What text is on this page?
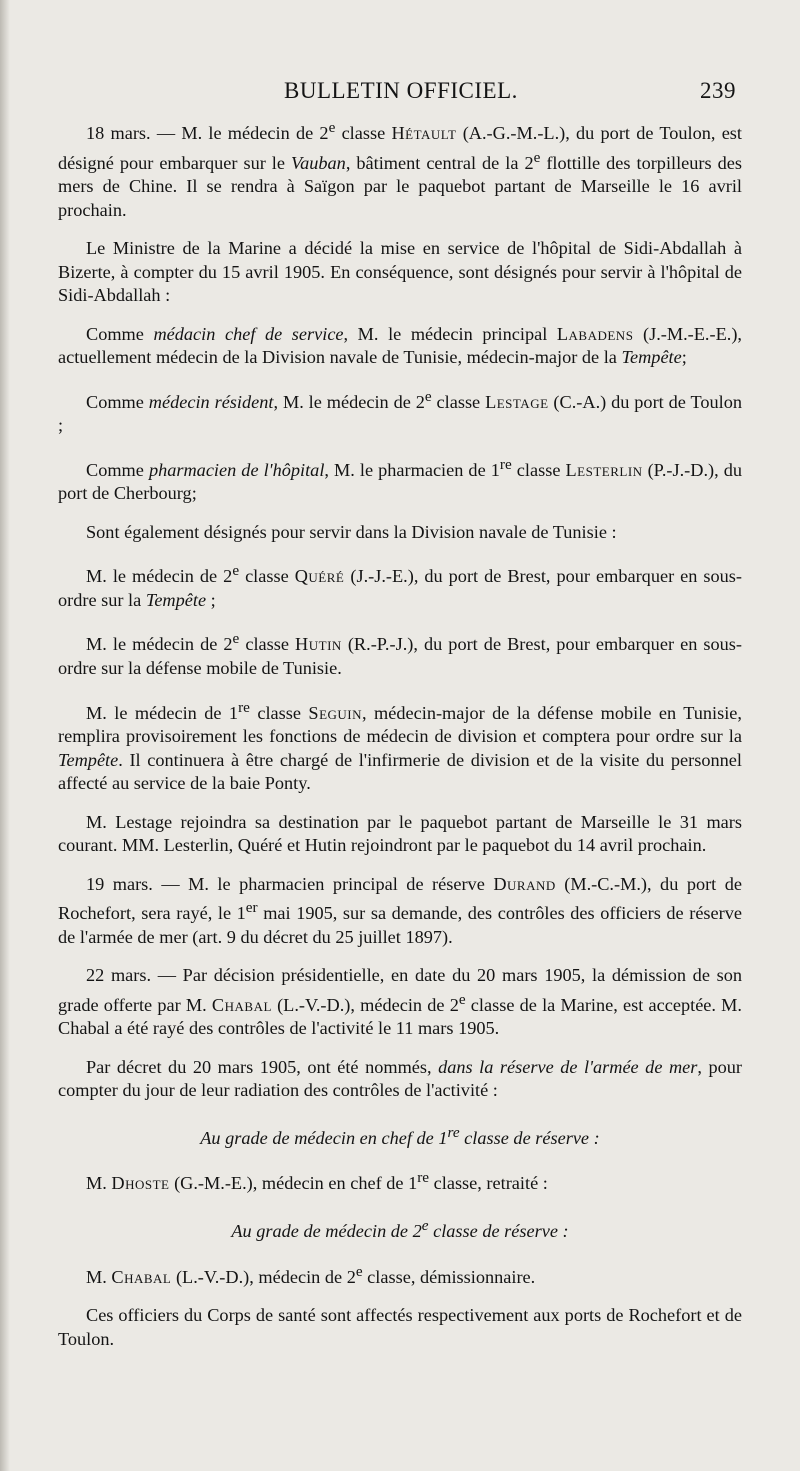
BULLETIN OFFICIEL.	239

18 mars. — M. le médecin de 2e classe Hétault (A.-G.-M.-L.), du port de Toulon, est désigné pour embarquer sur le Vauban, bâtiment central de la 2e flottille des torpilleurs des mers de Chine. Il se rendra à Saïgon par le paquebot partant de Marseille le 16 avril prochain.

Le Ministre de la Marine a décidé la mise en service de l'hôpital de Sidi-Abdallah à Bizerte, à compter du 15 avril 1905. En conséquence, sont désignés pour servir à l'hôpital de Sidi-Abdallah :

Comme médacin chef de service, M. le médecin principal Labadens (J.-M.-E.-E.), actuellement médecin de la Division navale de Tunisie, médecin-major de la Tempête;

Comme médecin résident, M. le médecin de 2e classe Lestage (C.-A.) du port de Toulon ;

Comme pharmacien de l'hôpital, M. le pharmacien de 1re classe Lesterlin (P.-J.-D.), du port de Cherbourg;

Sont également désignés pour servir dans la Division navale de Tunisie :

M. le médecin de 2e classe Quéré (J.-J.-E.), du port de Brest, pour embarquer en sous-ordre sur la Tempête ;

M. le médecin de 2e classe Hutin (R.-P.-J.), du port de Brest, pour embarquer en sous-ordre sur la défense mobile de Tunisie.

M. le médecin de 1re classe Seguin, médecin-major de la défense mobile en Tunisie, remplira provisoirement les fonctions de médecin de division et comptera pour ordre sur la Tempête. Il continuera à être chargé de l'infirmerie de division et de la visite du personnel affecté au service de la baie Ponty.

M. Lestage rejoindra sa destination par le paquebot partant de Marseille le 31 mars courant. MM. Lesterlin, Quéré et Hutin rejoindront par le paquebot du 14 avril prochain.

19 mars. — M. le pharmacien principal de réserve Durand (M.-C.-M.), du port de Rochefort, sera rayé, le 1er mai 1905, sur sa demande, des contrôles des officiers de réserve de l'armée de mer (art. 9 du décret du 25 juillet 1897).

22 mars. — Par décision présidentielle, en date du 20 mars 1905, la démission de son grade offerte par M. Chabal (L.-V.-D.), médecin de 2e classe de la Marine, est acceptée. M. Chabal a été rayé des contrôles de l'activité le 11 mars 1905.

Par décret du 20 mars 1905, ont été nommés, dans la réserve de l'armée de mer, pour compter du jour de leur radiation des contrôles de l'activité :

Au grade de médecin en chef de 1re classe de réserve :

M. Dhoste (G.-M.-E.), médecin en chef de 1re classe, retraité :

Au grade de médecin de 2e classe de réserve :

M. Chabal (L.-V.-D.), médecin de 2e classe, démissionnaire.

Ces officiers du Corps de santé sont affectés respectivement aux ports de Rochefort et de Toulon.
